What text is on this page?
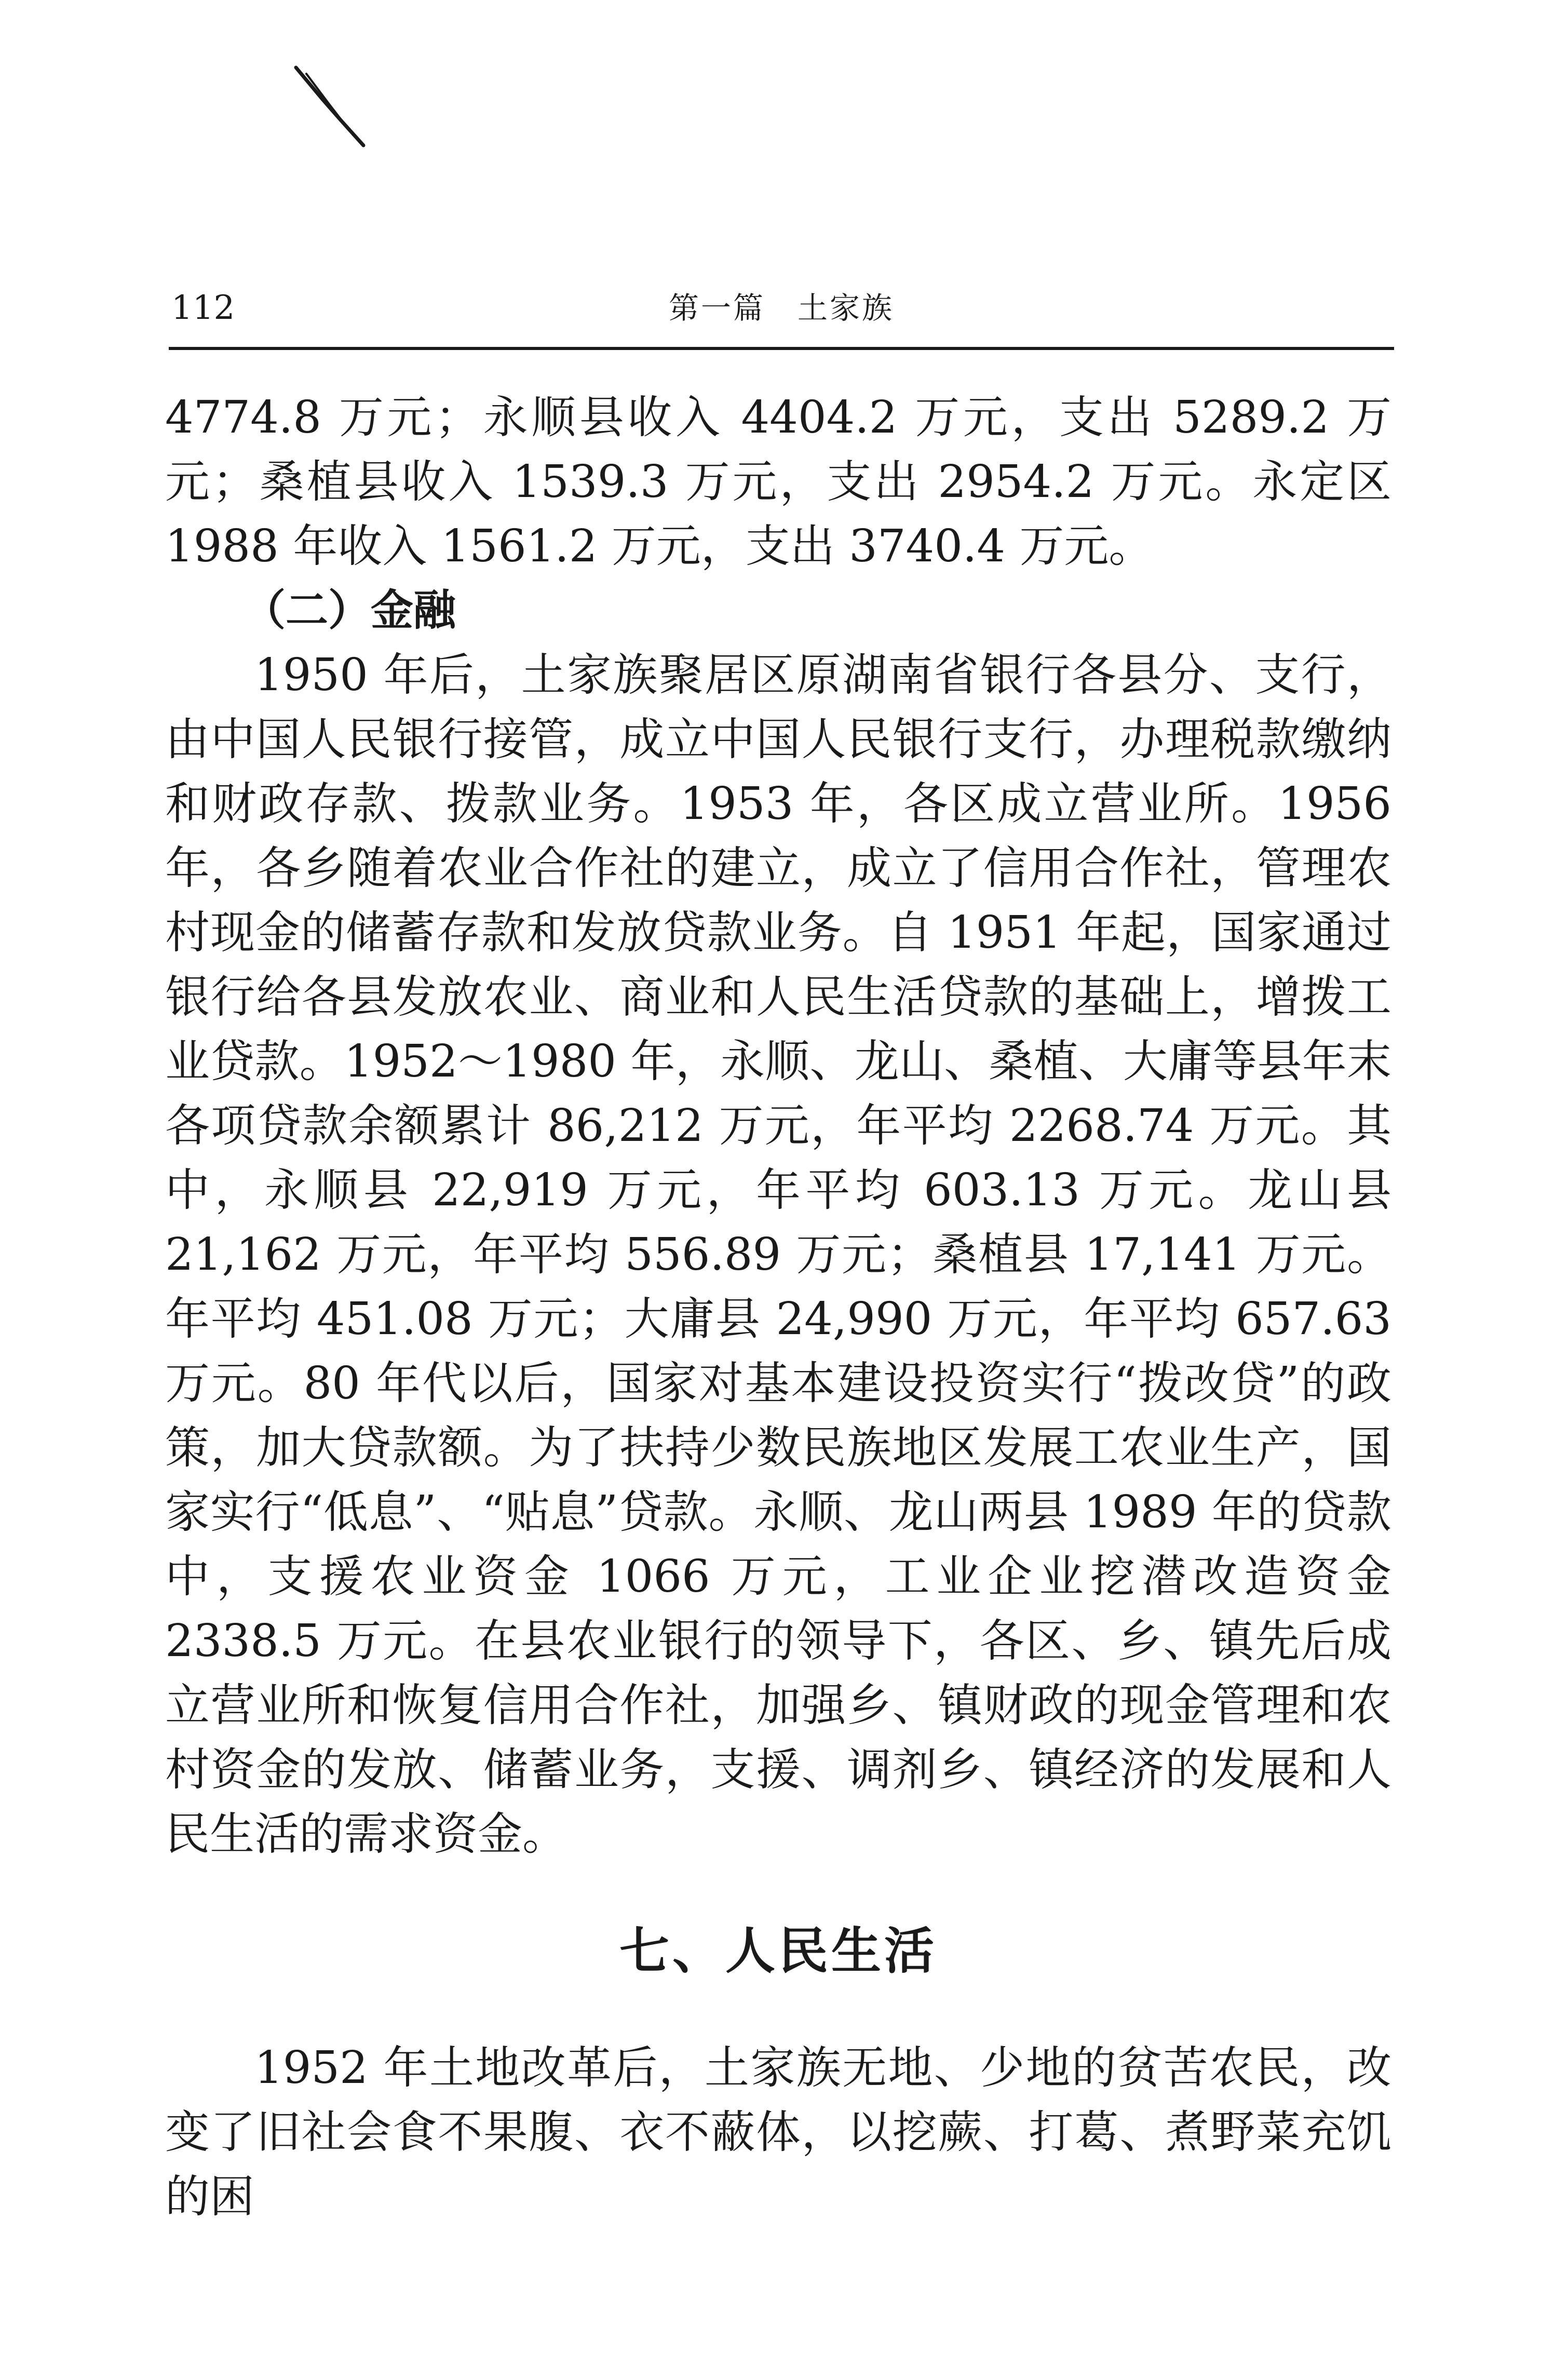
112	第一篇　土家族

4774.8 万元；永顺县收入 4404.2 万元，支出 5289.2 万元；桑植县收入 1539.3 万元，支出 2954.2 万元。永定区 1988 年收入 1561.2 万元，支出 3740.4 万元。

（二）金融

1950 年后，土家族聚居区原湖南省银行各县分、支行，由中国人民银行接管，成立中国人民银行支行，办理税款缴纳和财政存款、拨款业务。1953 年，各区成立营业所。1956 年，各乡随着农业合作社的建立，成立了信用合作社，管理农村现金的储蓄存款和发放贷款业务。自 1951 年起，国家通过银行给各县发放农业、商业和人民生活贷款的基础上，增拨工业贷款。1952～1980 年，永顺、龙山、桑植、大庸等县年末各项贷款余额累计 86,212 万元，年平均 2268.74 万元。其中，永顺县 22,919 万元，年平均 603.13 万元。龙山县 21,162 万元，年平均 556.89 万元；桑植县 17,141 万元。年平均 451.08 万元；大庸县 24,990 万元，年平均 657.63 万元。80 年代以后，国家对基本建设投资实行“拨改贷”的政策，加大贷款额。为了扶持少数民族地区发展工农业生产，国家实行“低息”、“贴息”贷款。永顺、龙山两县 1989 年的贷款中，支援农业资金 1066 万元，工业企业挖潜改造资金 2338.5 万元。在县农业银行的领导下，各区、乡、镇先后成立营业所和恢复信用合作社，加强乡、镇财政的现金管理和农村资金的发放、储蓄业务，支援、调剂乡、镇经济的发展和人民生活的需求资金。

七、人民生活

1952 年土地改革后，土家族无地、少地的贫苦农民，改变了旧社会食不果腹、衣不蔽体，以挖蕨、打葛、煮野菜充饥的困
